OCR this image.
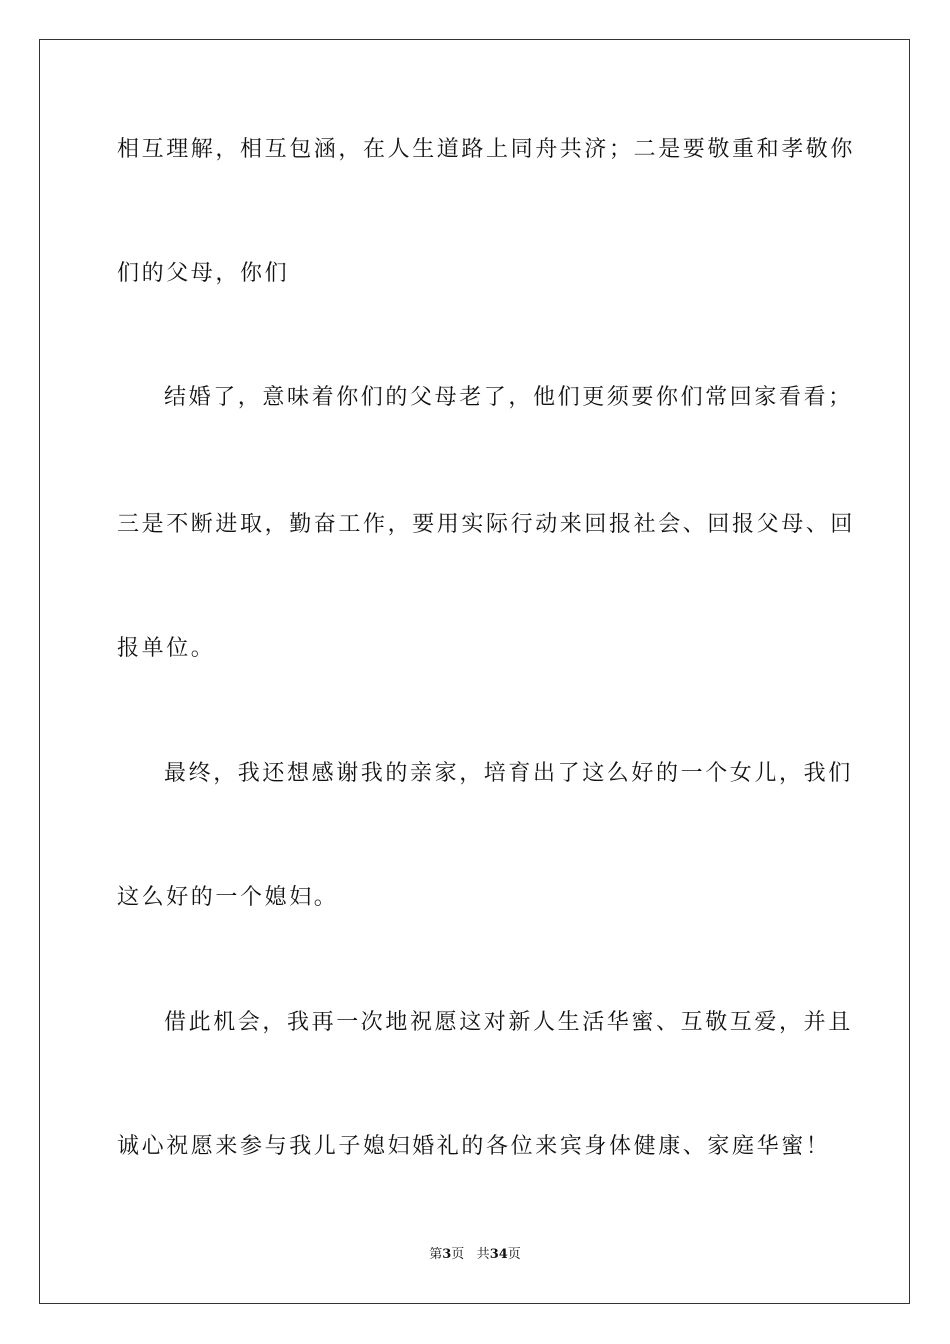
相互理解，相互包涵，在人生道路上同舟共济；二是要敬重和孝敬你
们的父母，你们
结婚了，意味着你们的父母老了，他们更须要你们常回家看看；
三是不断进取，勤奋工作，要用实际行动来回报社会、回报父母、回
报单位。
最终，我还想感谢我的亲家，培育出了这么好的一个女儿，我们
这么好的一个媳妇。
借此机会，我再一次地祝愿这对新人生活华蜜、互敬互爱，并且
诚心祝愿来参与我儿子媳妇婚礼的各位来宾身体健康、家庭华蜜！
第3页 共34页
